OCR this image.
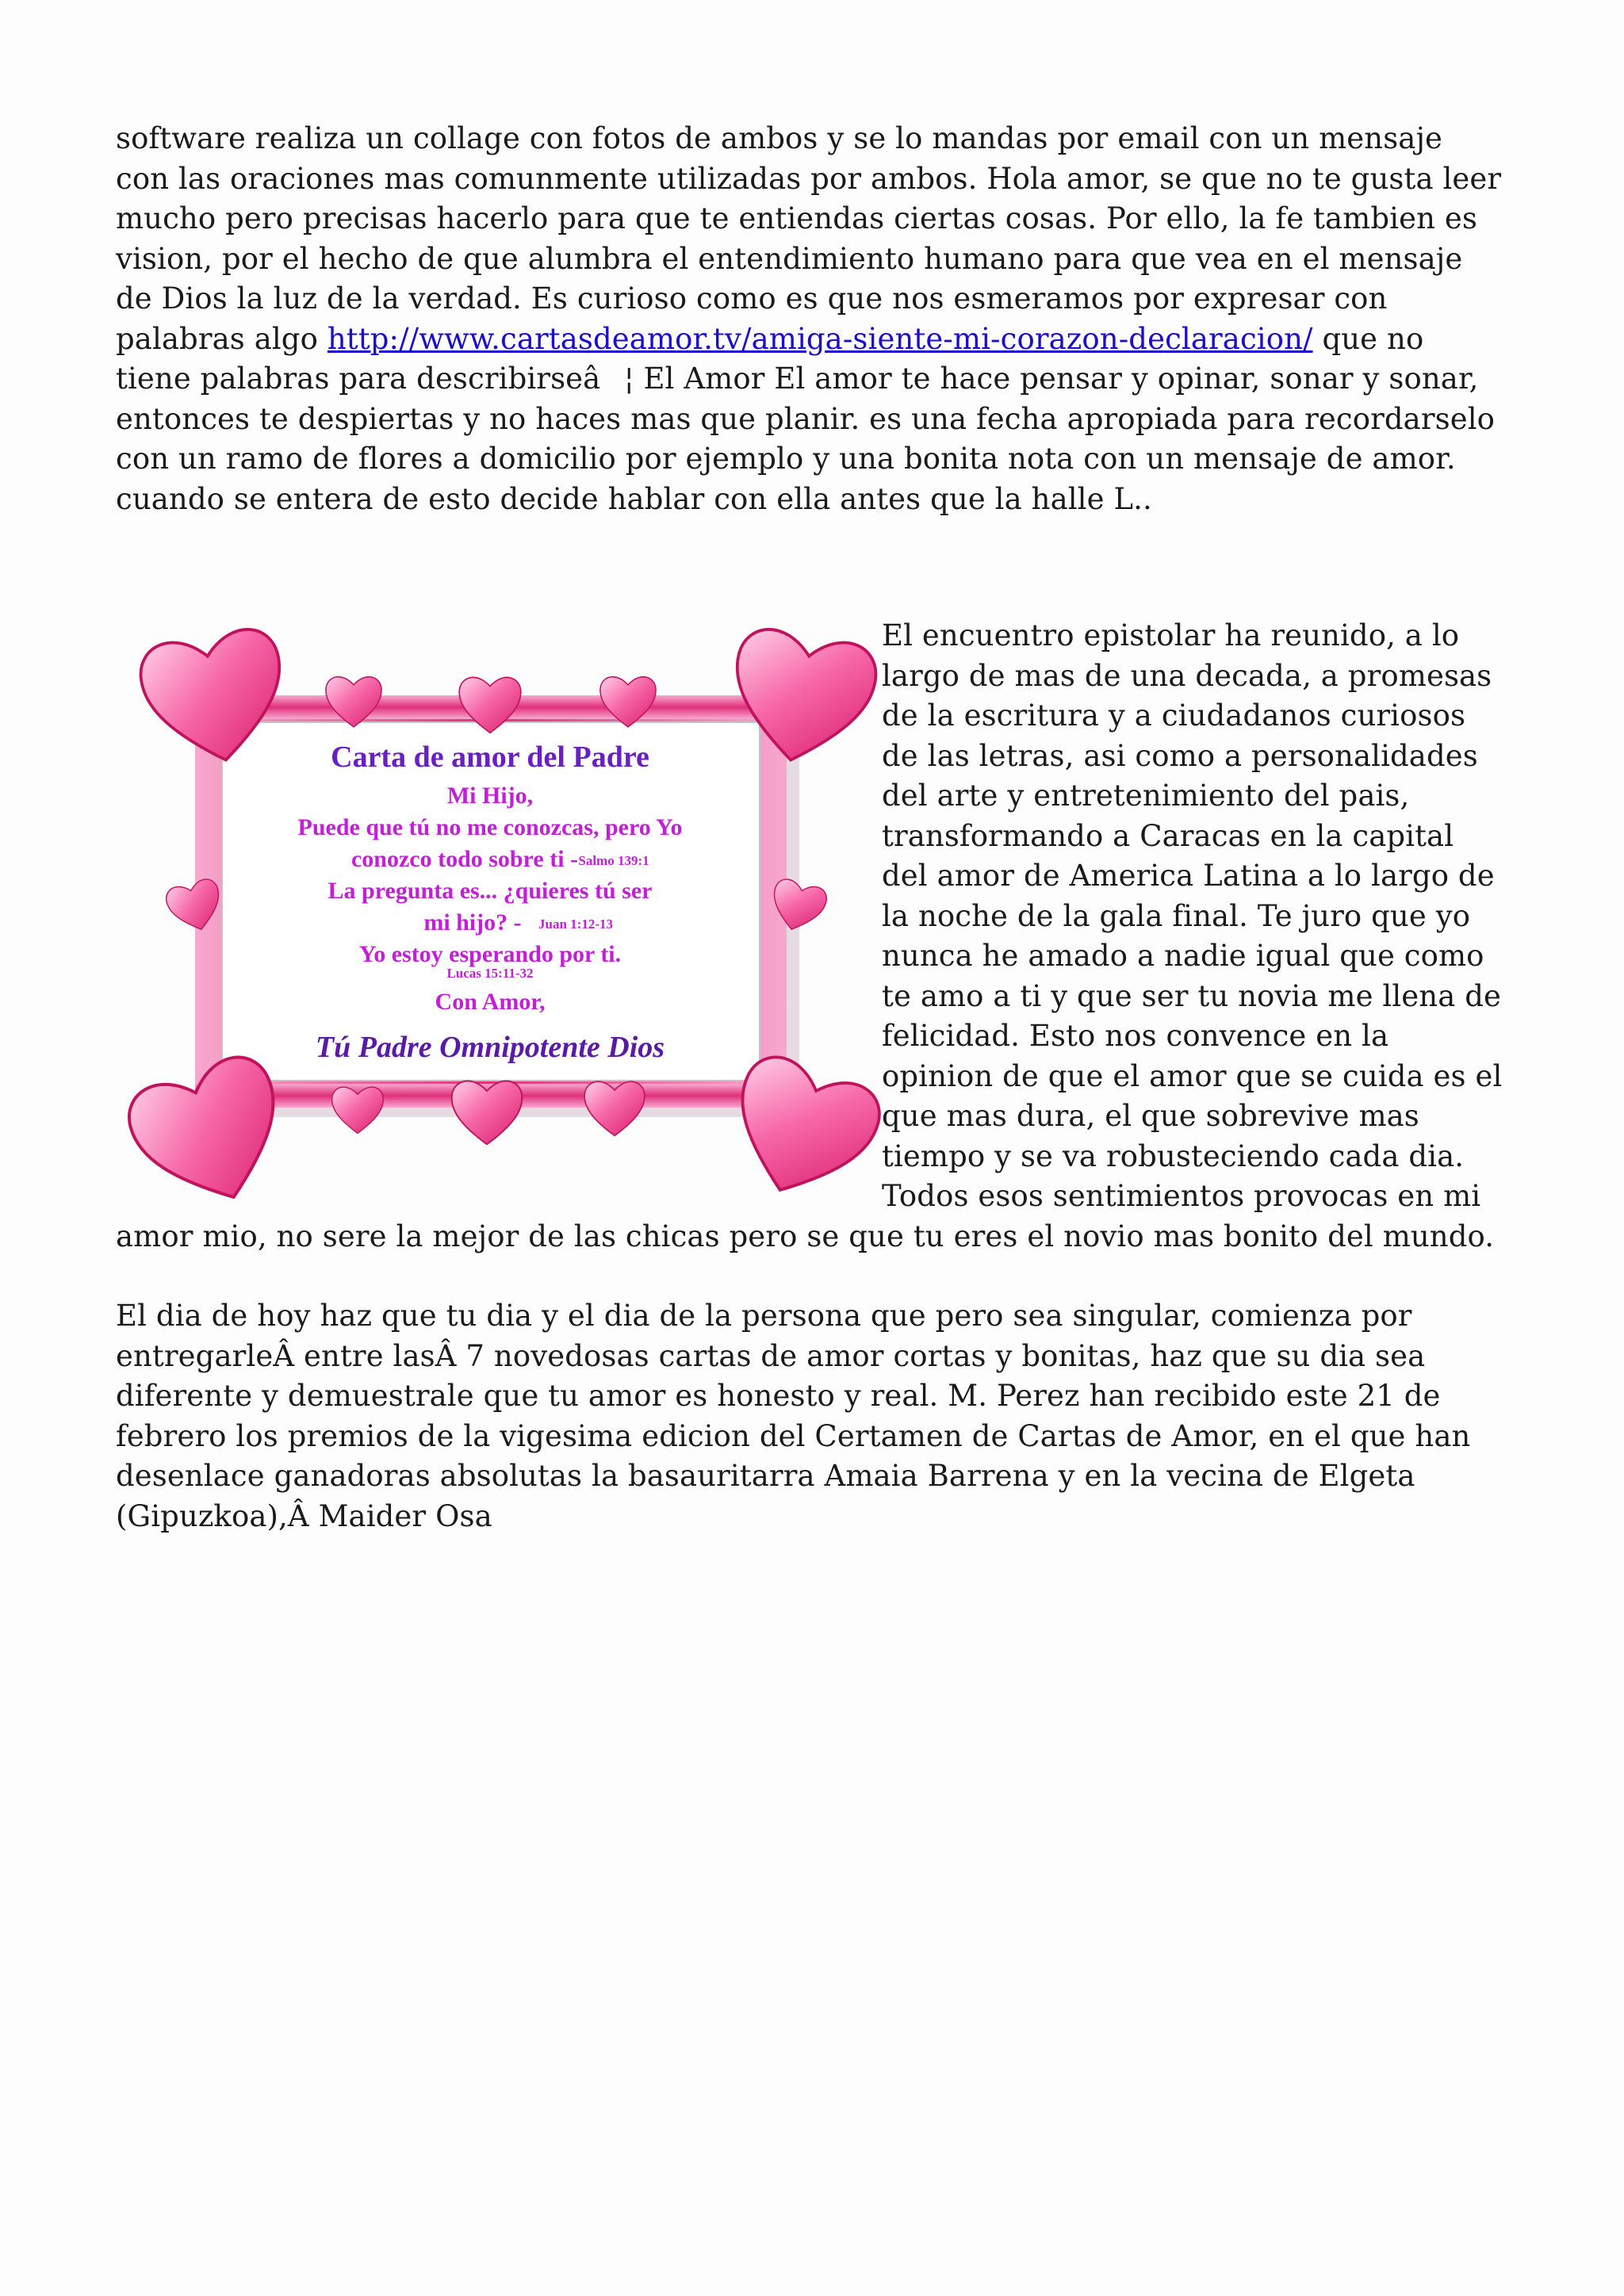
software realiza un collage con fotos de ambos y se lo mandas por email con un mensaje con las oraciones mas comunmente utilizadas por ambos. Hola amor, se que no te gusta leer mucho pero precisas hacerlo para que te entiendas ciertas cosas. Por ello, la fe tambien es vision, por el hecho de que alumbra el entendimiento humano para que vea en el mensaje de Dios la luz de la verdad. Es curioso como es que nos esmeramos por expresar con palabras algo http://www.cartasdeamor.tv/amiga-siente-mi-corazon-declaracion/ que no tiene palabras para describirseâ¦ El Amor El amor te hace pensar y opinar, sonar y sonar, entonces te despiertas y no haces mas que planir. es una fecha apropiada para recordarselo con un ramo de flores a domicilio por ejemplo y una bonita nota con un mensaje de amor. cuando se entera de esto decide hablar con ella antes que la halle L..

Carta de amor del Padre
Mi Hijo,
Puede que tú no me conozcas, pero Yo
conozco todo sobre ti - Salmo 139:1
La pregunta es... ¿quieres tú ser
mi hijo? - Juan 1:12-13
Yo estoy esperando por ti.
Lucas 15:11-32
Con Amor,
Tú Padre Omnipotente Dios

El encuentro epistolar ha reunido, a lo largo de mas de una decada, a promesas de la escritura y a ciudadanos curiosos de las letras, asi como a personalidades del arte y entretenimiento del pais, transformando a Caracas en la capital del amor de America Latina a lo largo de la noche de la gala final. Te juro que yo nunca he amado a nadie igual que como te amo a ti y que ser tu novia me llena de felicidad. Esto nos convence en la opinion de que el amor que se cuida es el que mas dura, el que sobrevive mas tiempo y se va robusteciendo cada dia. Todos esos sentimientos provocas en mi amor mio, no sere la mejor de las chicas pero se que tu eres el novio mas bonito del mundo.

El dia de hoy haz que tu dia y el dia de la persona que pero sea singular, comienza por entregarleÂ entre lasÂ 7 novedosas cartas de amor cortas y bonitas, haz que su dia sea diferente y demuestrale que tu amor es honesto y real. M. Perez han recibido este 21 de febrero los premios de la vigesima edicion del Certamen de Cartas de Amor, en el que han desenlace ganadoras absolutas la basauritarra Amaia Barrena y en la vecina de Elgeta (Gipuzkoa),Â Maider Osa
